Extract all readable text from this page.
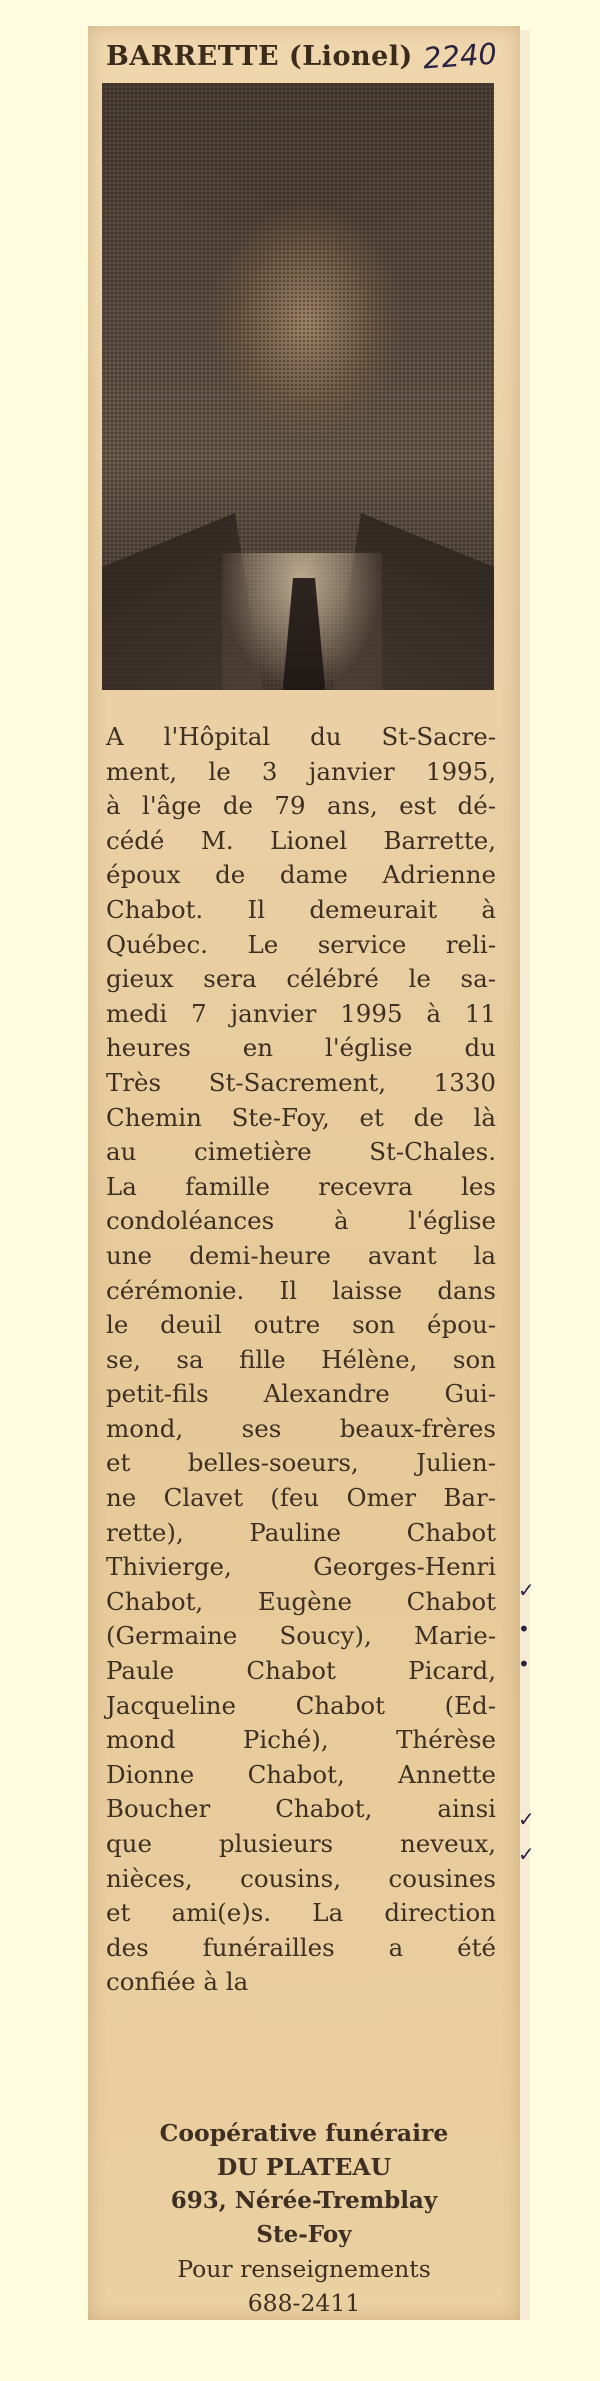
BARRETTE (Lionel) 2240
A l'Hôpital du St-Sacre-
ment, le 3 janvier 1995,
à l'âge de 79 ans, est dé-
cédé M. Lionel Barrette,
époux de dame Adrienne
Chabot. Il demeurait à
Québec. Le service reli-
gieux sera célébré le sa-
medi 7 janvier 1995 à 11
heures en l'église du
Très St-Sacrement, 1330
Chemin Ste-Foy, et de là
au cimetière St-Chales.
La famille recevra les
condoléances à l'église
une demi-heure avant la
cérémonie. Il laisse dans
le deuil outre son épou-
se, sa fille Hélène, son
petit-fils Alexandre Gui-
mond, ses beaux-frères
et belles-soeurs, Julien-
ne Clavet (feu Omer Bar-
rette), Pauline Chabot
Thivierge, Georges-Henri
Chabot, Eugène Chabot
(Germaine Soucy), Marie-
Paule Chabot Picard,
Jacqueline Chabot (Ed-
mond Piché), Thérèse
Dionne Chabot, Annette
Boucher Chabot, ainsi
que plusieurs neveux,
nièces, cousins, cousines
et ami(e)s. La direction
des funérailles a été
confiée à la
Coopérative funéraire
DU PLATEAU
693, Nérée-Tremblay
Ste-Foy
Pour renseignements
688-2411
✓
•
•
✓
✓
